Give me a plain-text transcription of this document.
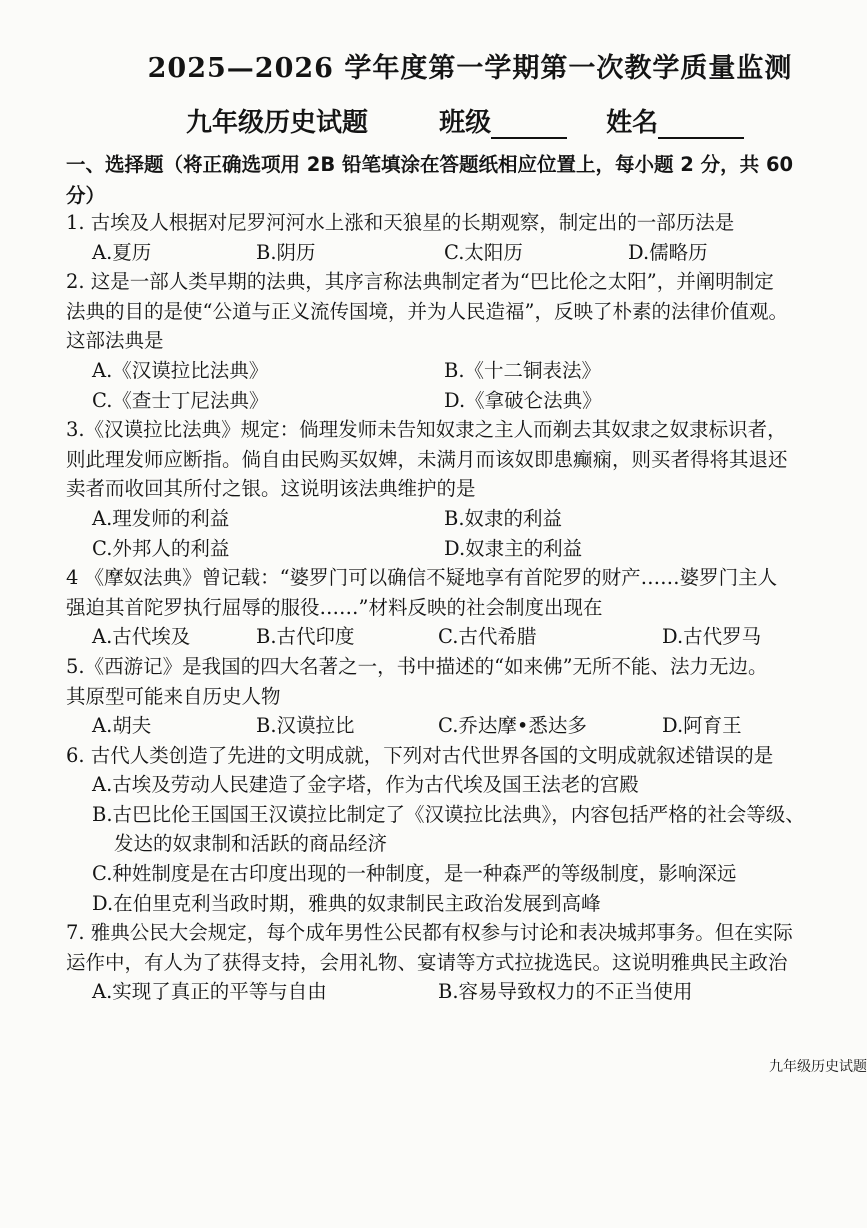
2025—2026 学年度第一学期第一次教学质量监测
九年级历史试题	班级	姓名
一、选择题（将正确选项用 2B 铅笔填涂在答题纸相应位置上，每小题 2 分，共 60
分）
1. 古埃及人根据对尼罗河河水上涨和天狼星的长期观察，制定出的一部历法是
A.夏历	B.阴历	C.太阳历	D.儒略历
2. 这是一部人类早期的法典，其序言称法典制定者为“巴比伦之太阳”，并阐明制定
法典的目的是使“公道与正义流传国境，并为人民造福”，反映了朴素的法律价值观。
这部法典是
A.《汉谟拉比法典》	B.《十二铜表法》
C.《查士丁尼法典》	D.《拿破仑法典》
3.《汉谟拉比法典》规定：倘理发师未告知奴隶之主人而剃去其奴隶之奴隶标识者，
则此理发师应断指。倘自由民购买奴婢，未满月而该奴即患癫痫，则买者得将其退还
卖者而收回其所付之银。这说明该法典维护的是
A.理发师的利益	B.奴隶的利益
C.外邦人的利益	D.奴隶主的利益
4 《摩奴法典》曾记载：“婆罗门可以确信不疑地享有首陀罗的财产……婆罗门主人
强迫其首陀罗执行屈辱的服役……”材料反映的社会制度出现在
A.古代埃及	B.古代印度	C.古代希腊	D.古代罗马
5.《西游记》是我国的四大名著之一，书中描述的“如来佛”无所不能、法力无边。
其原型可能来自历史人物
A.胡夫	B.汉谟拉比	C.乔达摩•悉达多	D.阿育王
6. 古代人类创造了先进的文明成就，下列对古代世界各国的文明成就叙述错误的是
A.古埃及劳动人民建造了金字塔，作为古代埃及国王法老的宫殿
B.古巴比伦王国国王汉谟拉比制定了《汉谟拉比法典》，内容包括严格的社会等级、
发达的奴隶制和活跃的商品经济
C.种姓制度是在古印度出现的一种制度，是一种森严的等级制度，影响深远
D.在伯里克利当政时期，雅典的奴隶制民主政治发展到高峰
7. 雅典公民大会规定，每个成年男性公民都有权参与讨论和表决城邦事务。但在实际
运作中，有人为了获得支持，会用礼物、宴请等方式拉拢选民。这说明雅典民主政治
A.实现了真正的平等与自由	B.容易导致权力的不正当使用
九年级历史试题
